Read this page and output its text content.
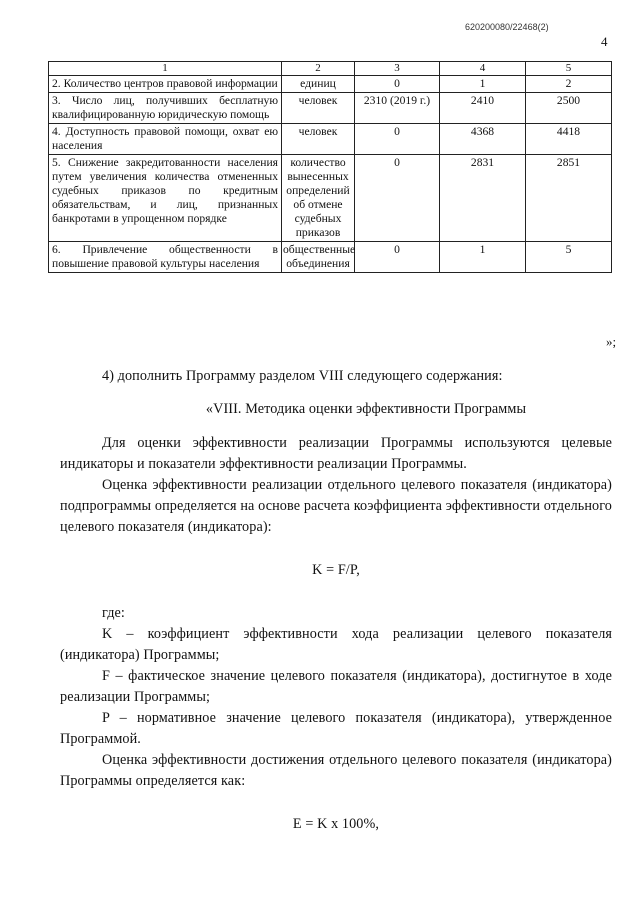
620200080/22468(2)
4
1	2	3	4	5
2. Количество центров правовой информации	единиц	0	1	2
3. Число лиц, получивших бесплатную квалифицированную юридическую помощь	человек	2310 (2019 г.)	2410	2500
4. Доступность правовой помощи, охват ею населения	человек	0	4368	4418
5. Снижение закредитованности населения путем увеличения количества отмененных судебных приказов по кредитным обязательствам, и лиц, признанных банкротами в упрощенном порядке	количество вынесенных определений об отмене судебных приказов	0	2831	2851
6. Привлечение общественности в повышение правовой культуры населения	общественные объединения	0	1	5
»;

4) дополнить Программу разделом VIII следующего содержания:

«VIII. Методика оценки эффективности Программы

Для оценки эффективности реализации Программы используются целевые индикаторы и показатели эффективности реализации Программы.

Оценка эффективности реализации отдельного целевого показателя (индикатора) подпрограммы определяется на основе расчета коэффициента эффективности отдельного целевого показателя (индикатора):

K = F/P,

где:

K – коэффициент эффективности хода реализации целевого показателя (индикатора) Программы;

F – фактическое значение целевого показателя (индикатора), достигнутое в ходе реализации Программы;

P – нормативное значение целевого показателя (индикатора), утвержденное Программой.

Оценка эффективности достижения отдельного целевого показателя (индикатора) Программы определяется как:

E = K x 100%,
